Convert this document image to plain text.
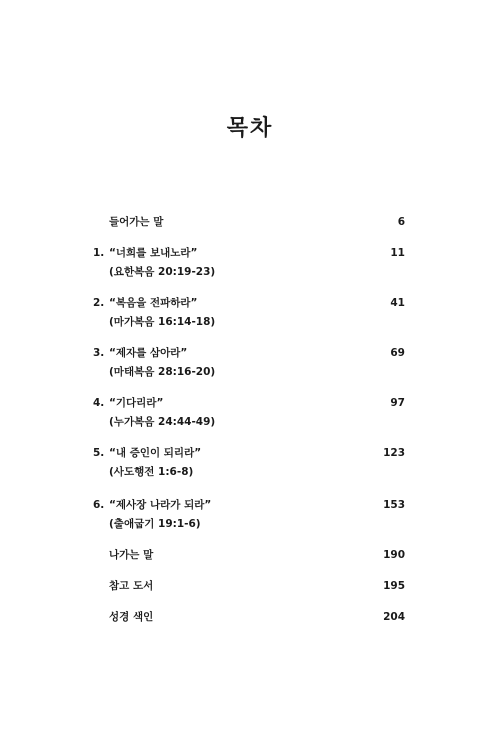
목차
들어가는 말	6
1. “너희를 보내노라”	11
(요한복음 20:19-23)
2. “복음을 전파하라”	41
(마가복음 16:14-18)
3. “제자를 삼아라”	69
(마태복음 28:16-20)
4. “기다리라”	97
(누가복음 24:44-49)
5. “내 증인이 되리라”	123
(사도행전 1:6-8)
6. “제사장 나라가 되라”	153
(출애굽기 19:1-6)
나가는 말	190
참고 도서	195
성경 색인	204
